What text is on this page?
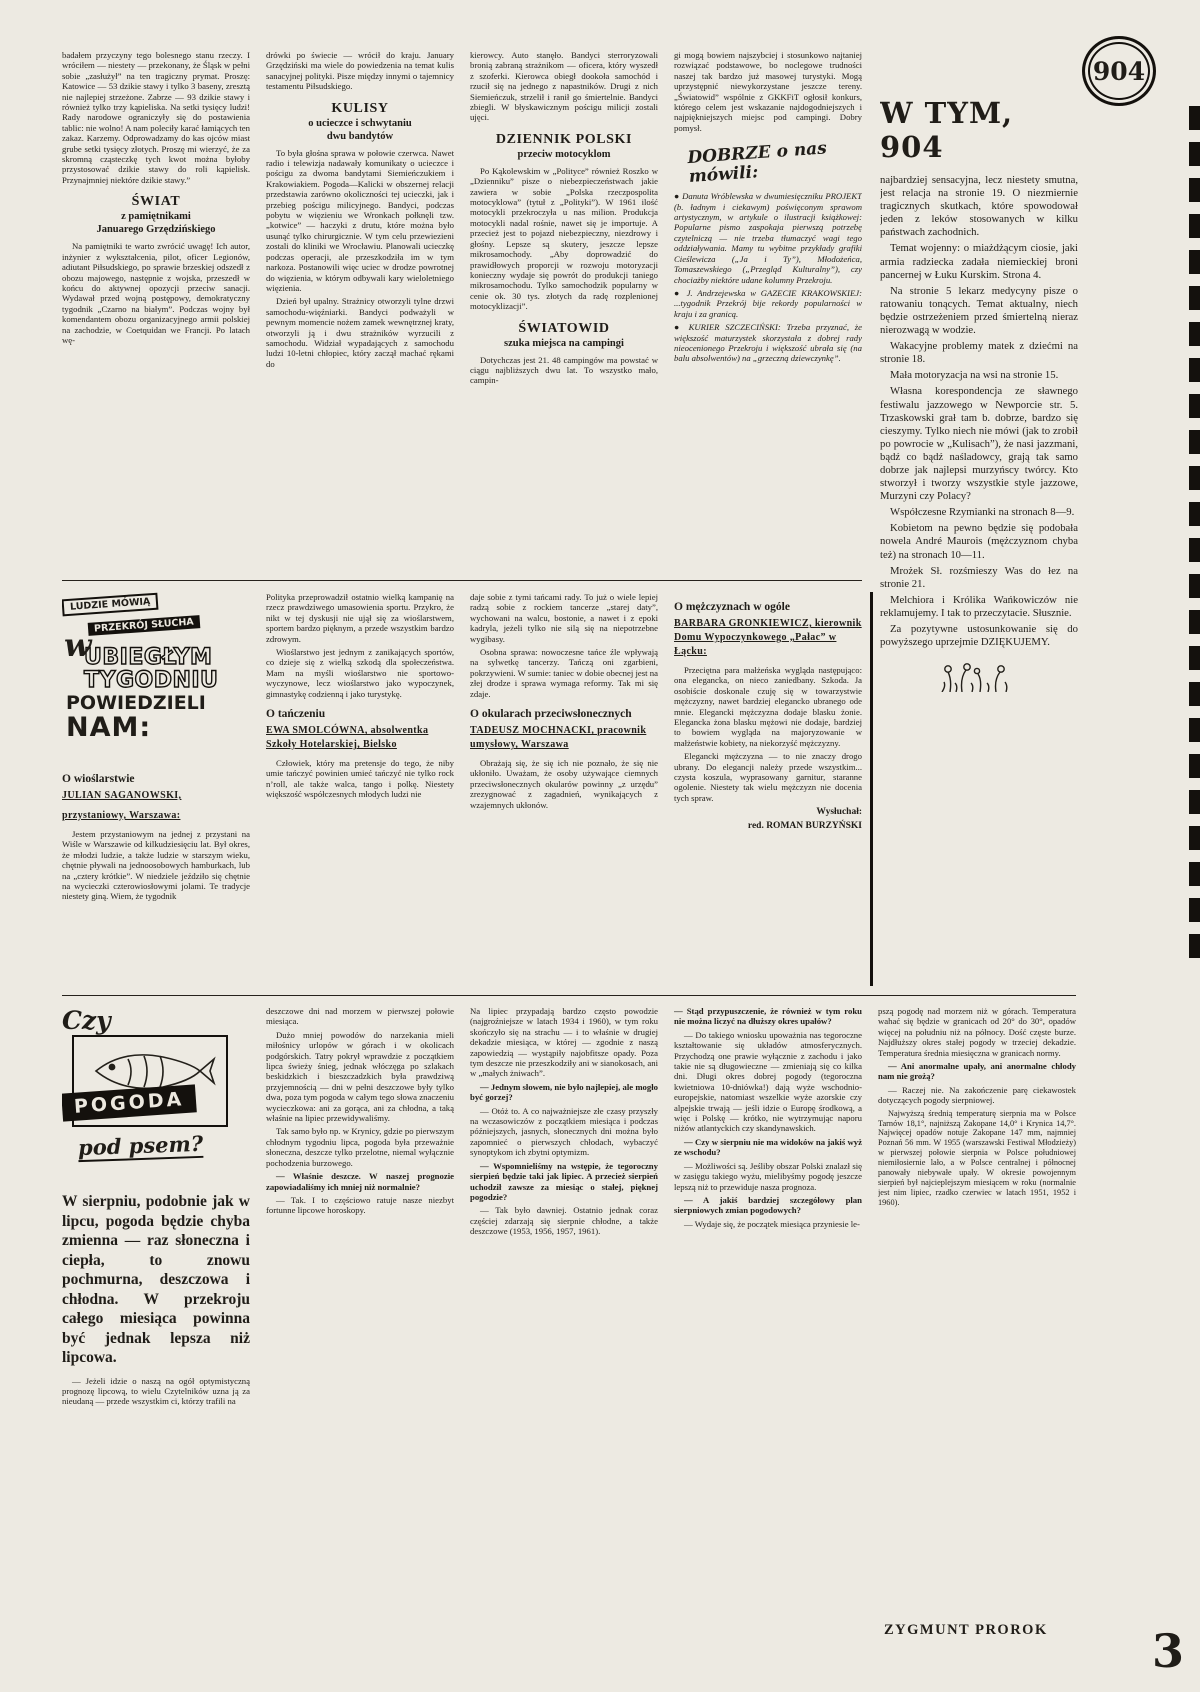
904

badałem przyczyny tego bolesnego stanu rzeczy. I wróciłem — niestety — przekonany, że Śląsk w pełni sobie „zasłużył” na ten tragiczny prymat. Proszę: Katowice — 53 dzikie stawy i tylko 3 baseny, zresztą nie najlepiej strzeżone. Zabrze — 93 dzikie stawy i również tylko trzy kąpieliska. Na setki tysięcy ludzi! Rady narodowe ograniczyły się do postawienia tablic: nie wolno! A nam poleciły karać łamiących ten zakaz. Karzemy. Odprowadzamy do kas ojców miast grube setki tysięcy złotych. Proszę mi wierzyć, że za skromną cząsteczkę tych kwot można byłoby przystosować dzikie stawy do roli kąpielisk. Przynajmniej niektóre dzikie stawy.”

ŚWIAT
z pamiętnikami
Januarego Grzędzińskiego

Na pamiętniki te warto zwrócić uwagę! Ich autor, inżynier z wykształcenia, pilot, oficer Legionów, adiutant Piłsudskiego, po sprawie brzeskiej odszedł z obozu majowego, następnie z wojska, przeszedł w końcu do aktywnej opozycji przeciw sanacji. Wydawał przed wojną postępowy, demokratyczny tygodnik „Czarno na białym”. Podczas wojny był komendantem obozu organizacyjnego armii polskiej na zachodzie, w Coetquidan we Francji. Po latach wę-

drówki po świecie — wrócił do kraju. January Grzędziński ma wiele do powiedzenia na temat kulis sanacyjnej polityki. Pisze między innymi o tajemnicy testamentu Piłsudskiego.

KULISY
o ucieczce i schwytaniu
dwu bandytów

To była głośna sprawa w połowie czerwca. Nawet radio i telewizja nadawały komunikaty o ucieczce i pościgu za dwoma bandytami Siemieńczukiem i Krakowiakiem. Pogoda—Kalicki w obszernej relacji przedstawia zarówno okoliczności tej ucieczki, jak i przebieg pościgu milicyjnego. Bandyci, podczas pobytu w więzieniu we Wronkach połknęli tzw. „kotwice” — haczyki z drutu, które można było usunąć tylko chirurgicznie. W tym celu przewiezieni zostali do kliniki we Wrocławiu. Planowali ucieczkę podczas operacji, ale przeszkodziła im w tym narkoza. Postanowili więc uciec w drodze powrotnej do więzienia, w którym odbywali kary wieloletniego więzienia.

Dzień był upalny. Strażnicy otworzyli tylne drzwi samochodu-więźniarki. Bandyci podważyli w pewnym momencie nożem zamek wewnętrznej kraty, otworzyli ją i dwu strażników wyrzucili z samochodu. Widział wypadających z samochodu ludzi 10-letni chłopiec, który zaczął machać rękami do

kierowcy. Auto stanęło. Bandyci sterroryzowali bronią zabraną strażnikom — oficera, który wyszedł z szoferki. Kierowca obiegł dookoła samochód i rzucił się na jednego z napastników. Drugi z nich Siemieńczuk, strzelił i ranił go śmiertelnie. Bandyci zbiegli. W błyskawicznym pościgu milicji zostali ujęci.

DZIENNIK POLSKI
przeciw motocyklom

Po Kąkolewskim w „Polityce” również Roszko w „Dzienniku” pisze o niebezpieczeństwach jakie zawiera w sobie „Polska rzeczpospolita motocyklowa” (tytuł z „Polityki”). W 1961 ilość motocykli przekroczyła u nas milion. Produkcja motocykli nadal rośnie, nawet się je importuje. A przecież jest to pojazd niebezpieczny, niezdrowy i głośny. Lepsze są skutery, jeszcze lepsze mikrosamochody. „Aby doprowadzić do prawidłowych proporcji w rozwoju motoryzacji konieczny wydaje się powrót do produkcji taniego mikrosamochodu. Tylko samochodzik popularny w cenie ok. 30 tys. złotych da radę rozplenionej motocyklizacji”.

ŚWIATOWID
szuka miejsca na campingi

Dotychczas jest 21. 48 campingów ma powstać w ciągu najbliższych dwu lat. To wszystko mało, campin-

gi mogą bowiem najszybciej i stosunkowo najtaniej rozwiązać podstawowe, bo noclegowe trudności naszej tak bardzo już masowej turystyki. Mogą uprzystępnić niewykorzystane jeszcze tereny. „Światowid” wspólnie z GKKFiT ogłosił konkurs, którego celem jest wskazanie najdogodniejszych i najpiękniejszych miejsc pod campingi. Dobry pomysł.

DOBRZE o nas
mówili:

● Danuta Wróblewska w dwumiesięczniku PROJEKT (b. ładnym i ciekawym) poświęconym sprawom artystycznym, w artykule o ilustracji książkowej: Popularne pismo zaspokaja pierwszą potrzebę czytelniczą — nie trzeba tłumaczyć wagi tego oddziaływania. Mamy tu wybitne przykłady grafiki Cieślewicza („Ja i Ty”), Młodożeńca, Tomaszewskiego („Przegląd Kulturalny”), czy chociażby niektóre udane kolumny Przekroju.

● J. Andrzejewska w GAZECIE KRAKOWSKIEJ: ...tygodnik Przekrój bije rekordy popularności w kraju i za granicą.

● KURIER SZCZECIŃSKI: Trzeba przyznać, że większość maturzystek skorzystała z dobrej rady nieocenionego Przekroju i większość ubrała się (na balu absolwentów) na „grzeczną dziewczynkę”.

W TYM, 904

najbardziej sensacyjna, lecz niestety smutna, jest relacja na stronie 19. O niezmiernie tragicznych skutkach, które spowodował jeden z leków stosowanych w kilku państwach zachodnich.

Temat wojenny: o miażdżącym ciosie, jaki armia radziecka zadała niemieckiej broni pancernej w Łuku Kurskim. Strona 4.

Na stronie 5 lekarz medycyny pisze o ratowaniu tonących. Temat aktualny, niech będzie ostrzeżeniem przed śmiertelną nieraz nierozwagą w wodzie.

Wakacyjne problemy matek z dziećmi na stronie 18.

Mała motoryzacja na wsi na stronie 15.

Własna korespondencja ze sławnego festiwalu jazzowego w Newporcie str. 5. Trzaskowski grał tam b. dobrze, bardzo się cieszymy. Tylko niech nie mówi (jak to zrobił po powrocie w „Kulisach”), że nasi jazzmani, bądź co bądź naśladowcy, grają tak samo dobrze jak najlepsi murzyńscy twórcy. Kto stworzył i tworzy wszystkie style jazzowe, Murzyni czy Polacy?

Współczesne Rzymianki na stronach 8—9.

Kobietom na pewno będzie się podobała nowela André Maurois (mężczyznom chyba też) na stronach 10—11.

Mrożek Sł. rozśmieszy Was do łez na stronie 21.

Melchiora i Królika Wańkowiczów nie reklamujemy. I tak to przeczytacie. Słusznie.

Za pozytywne ustosunkowanie się do powyższego uprzejmie DZIĘKUJEMY.

LUDZIE MÓWIĄ
PRZEKRÓJ SŁUCHA
w
UBIEGŁYM
TYGODNIU
POWIEDZIELI
NAM:
O wioślarstwie
JULIAN SAGANOWSKI,
przystaniowy, Warszawa:

Jestem przystaniowym na jednej z przystani na Wiśle w Warszawie od kilkudziesięciu lat. Był okres, że młodzi ludzie, a także ludzie w starszym wieku, chętnie pływali na jednoosobowych hamburkach, lub na „cztery krótkie”. W niedziele jeździło się chętnie na wycieczki czterowiosłowymi jolami. Te tradycje niestety giną. Wiem, że tygodnik

Polityka przeprowadził ostatnio wielką kampanię na rzecz prawdziwego umasowienia sportu. Przykro, że nikt w tej dyskusji nie ujął się za wioślarstwem, sportem bardzo pięknym, a przede wszystkim bardzo zdrowym.

Wioślarstwo jest jednym z zanikających sportów, co dzieje się z wielką szkodą dla społeczeństwa. Mam na myśli wioślarstwo nie sportowo-wyczynowe, lecz wioślarstwo jako wypoczynek, gimnastykę codzienną i jako turystykę.

O tańczeniu
EWA SMOLCÓWNA, absolwentka Szkoły Hotelarskiej, Bielsko

Człowiek, który ma pretensje do tego, że niby umie tańczyć powinien umieć tańczyć nie tylko rock n’roll, ale także walca, tango i polkę. Niestety większość współczesnych młodych ludzi nie

daje sobie z tymi tańcami rady. To już o wiele lepiej radzą sobie z rockiem tancerze „starej daty”, wychowani na walcu, bostonie, a nawet i z epoki kadryla, jeżeli tylko nie silą się na niepotrzebne wygibasy.

Osobna sprawa: nowoczesne tańce źle wpływają na sylwetkę tancerzy. Tańczą oni zgarbieni, pokrzywieni. W sumie: taniec w dobie obecnej jest na złej drodze i sprawa wymaga reformy. Tak mi się zdaje.

O okularach przeciwsłonecznych
TADEUSZ MOCHNACKI, pracownik umysłowy, Warszawa

Obrażają się, że się ich nie poznało, że się nie ukłoniło. Uważam, że osoby używające ciemnych przeciwsłonecznych okularów powinny „z urzędu” zrezygnować z zagadnień, wynikających z wzajemnych ukłonów.

O mężczyznach w ogóle
BARBARA GRONKIEWICZ, kierownik Domu Wypoczynkowego „Pałac” w Łącku:

Przeciętna para małżeńska wygląda następująco: ona elegancka, on nieco zaniedbany. Szkoda. Ja osobiście doskonale czuję się w towarzystwie mężczyzny, nawet bardziej elegancko ubranego ode mnie. Elegancki mężczyzna dodaje blasku żonie. Elegancka żona blasku mężowi nie dodaje, bardziej to bowiem wygląda na majoryzowanie w małżeństwie kobiety, na niekorzyść mężczyzny.

Elegancki mężczyzna — to nie znaczy drogo ubrany. Do elegancji należy przede wszystkim... czysta koszula, wyprasowany garnitur, staranne ogolenie. Niestety tak wielu mężczyzn nie docenia tych spraw.

Wysłuchał:
red. ROMAN BURZYŃSKI
Czy
POGODA
pod psem?

W sierpniu, podobnie jak w lipcu, pogoda będzie chyba zmienna — raz słoneczna i ciepła, to znowu pochmurna, deszczowa i chłodna. W przekroju całego miesiąca powinna być jednak lepsza niż lipcowa.

— Jeżeli idzie o naszą na ogół optymistyczną prognozę lipcową, to wielu Czytelników uzna ją za nieudaną — przede wszystkim ci, którzy trafili na

deszczowe dni nad morzem w pierwszej połowie miesiąca.

Dużo mniej powodów do narzekania mieli miłośnicy urlopów w górach i w okolicach podgórskich. Tatry pokrył wprawdzie z początkiem lipca świeży śnieg, jednak włóczęga po szlakach beskidzkich i bieszczadzkich była prawdziwą przyjemnością — dni w pełni deszczowe były tylko dwa, poza tym pogoda w całym tego słowa znaczeniu wycieczkowa: ani za gorąca, ani za chłodna, a taką właśnie na lipiec przewidywaliśmy.

Tak samo było np. w Krynicy, gdzie po pierwszym chłodnym tygodniu lipca, pogoda była przeważnie słoneczna, deszcze tylko przelotne, niemal wyłącznie pochodzenia burzowego.

— Właśnie deszcze. W naszej prognozie zapowiadaliśmy ich mniej niż normalnie?

— Tak. I to częściowo ratuje nasze niezbyt fortunne lipcowe horoskopy.

Na lipiec przypadają bardzo często powodzie (najgroźniejsze w latach 1934 i 1960), w tym roku skończyło się na strachu — i to właśnie w drugiej dekadzie miesiąca, w której — zgodnie z naszą zapowiedzią — wystąpiły najobfitsze opady. Poza tym deszcze nie przeszkodziły ani w sianokosach, ani w „małych żniwach”.

— Jednym słowem, nie było najlepiej, ale mogło być gorzej?

— Otóż to. A co najważniejsze złe czasy przyszły na wczasowiczów z początkiem miesiąca i podczas późniejszych, jasnych, słonecznych dni można było zapomnieć o pierwszych chłodach, wybaczyć synoptykom ich zbytni optymizm.

— Wspomnieliśmy na wstępie, że tegoroczny sierpień będzie taki jak lipiec. A przecież sierpień uchodził zawsze za miesiąc o stałej, pięknej pogodzie?

— Tak było dawniej. Ostatnio jednak coraz częściej zdarzają się sierpnie chłodne, a także deszczowe (1953, 1956, 1957, 1961).

— Stąd przypuszczenie, że również w tym roku nie można liczyć na dłuższy okres upałów?

— Do takiego wniosku upoważnia nas tegoroczne kształtowanie się układów atmosferycznych. Przychodzą one prawie wyłącznie z zachodu i jako takie nie są długowieczne — zmieniają się co kilka dni. Długi okres dobrej pogody (tegoroczna kwietniowa 10-dniówka!) dają wyże wschodnio-europejskie, natomiast wszelkie wyże azorskie czy alpejskie trwają — jeśli idzie o Europę środkową, a więc i Polskę — krótko, nie wytrzymując naporu niżów atlantyckich czy skandynawskich.

— Czy w sierpniu nie ma widoków na jakiś wyż ze wschodu?

— Możliwości są. Jeśliby obszar Polski znalazł się w zasięgu takiego wyżu, mielibyśmy pogodę jeszcze lepszą niż to przewiduje nasza prognoza.

— A jakiś bardziej szczegółowy plan sierpniowych zmian pogodowych?

— Wydaje się, że początek miesiąca przyniesie le-

pszą pogodę nad morzem niż w górach. Temperatura wahać się będzie w granicach od 20° do 30°, opadów więcej na południu niż na północy. Dość częste burze. Najdłuższy okres stałej pogody w trzeciej dekadzie. Temperatura średnia miesięczna w granicach normy.

— Ani anormalne upały, ani anormalne chłody nam nie grożą?

— Raczej nie. Na zakończenie parę ciekawostek dotyczących pogody sierpniowej.

Najwyższą średnią temperaturę sierpnia ma w Polsce Tarnów 18,1°, najniższą Zakopane 14,0° i Krynica 14,7°. Najwięcej opadów notuje Zakopane 147 mm, najmniej Poznań 56 mm. W 1955 (warszawski Festiwal Młodzieży) w pierwszej połowie sierpnia w Polsce południowej niemiłosiernie lało, a w Polsce centralnej i północnej panowały niebywałe upały. W okresie powojennym sierpień był najcieplejszym miesiącem w roku (normalnie jest nim lipiec, rzadko czerwiec w latach 1951, 1952 i 1960).

ZYGMUNT PROROK	3
